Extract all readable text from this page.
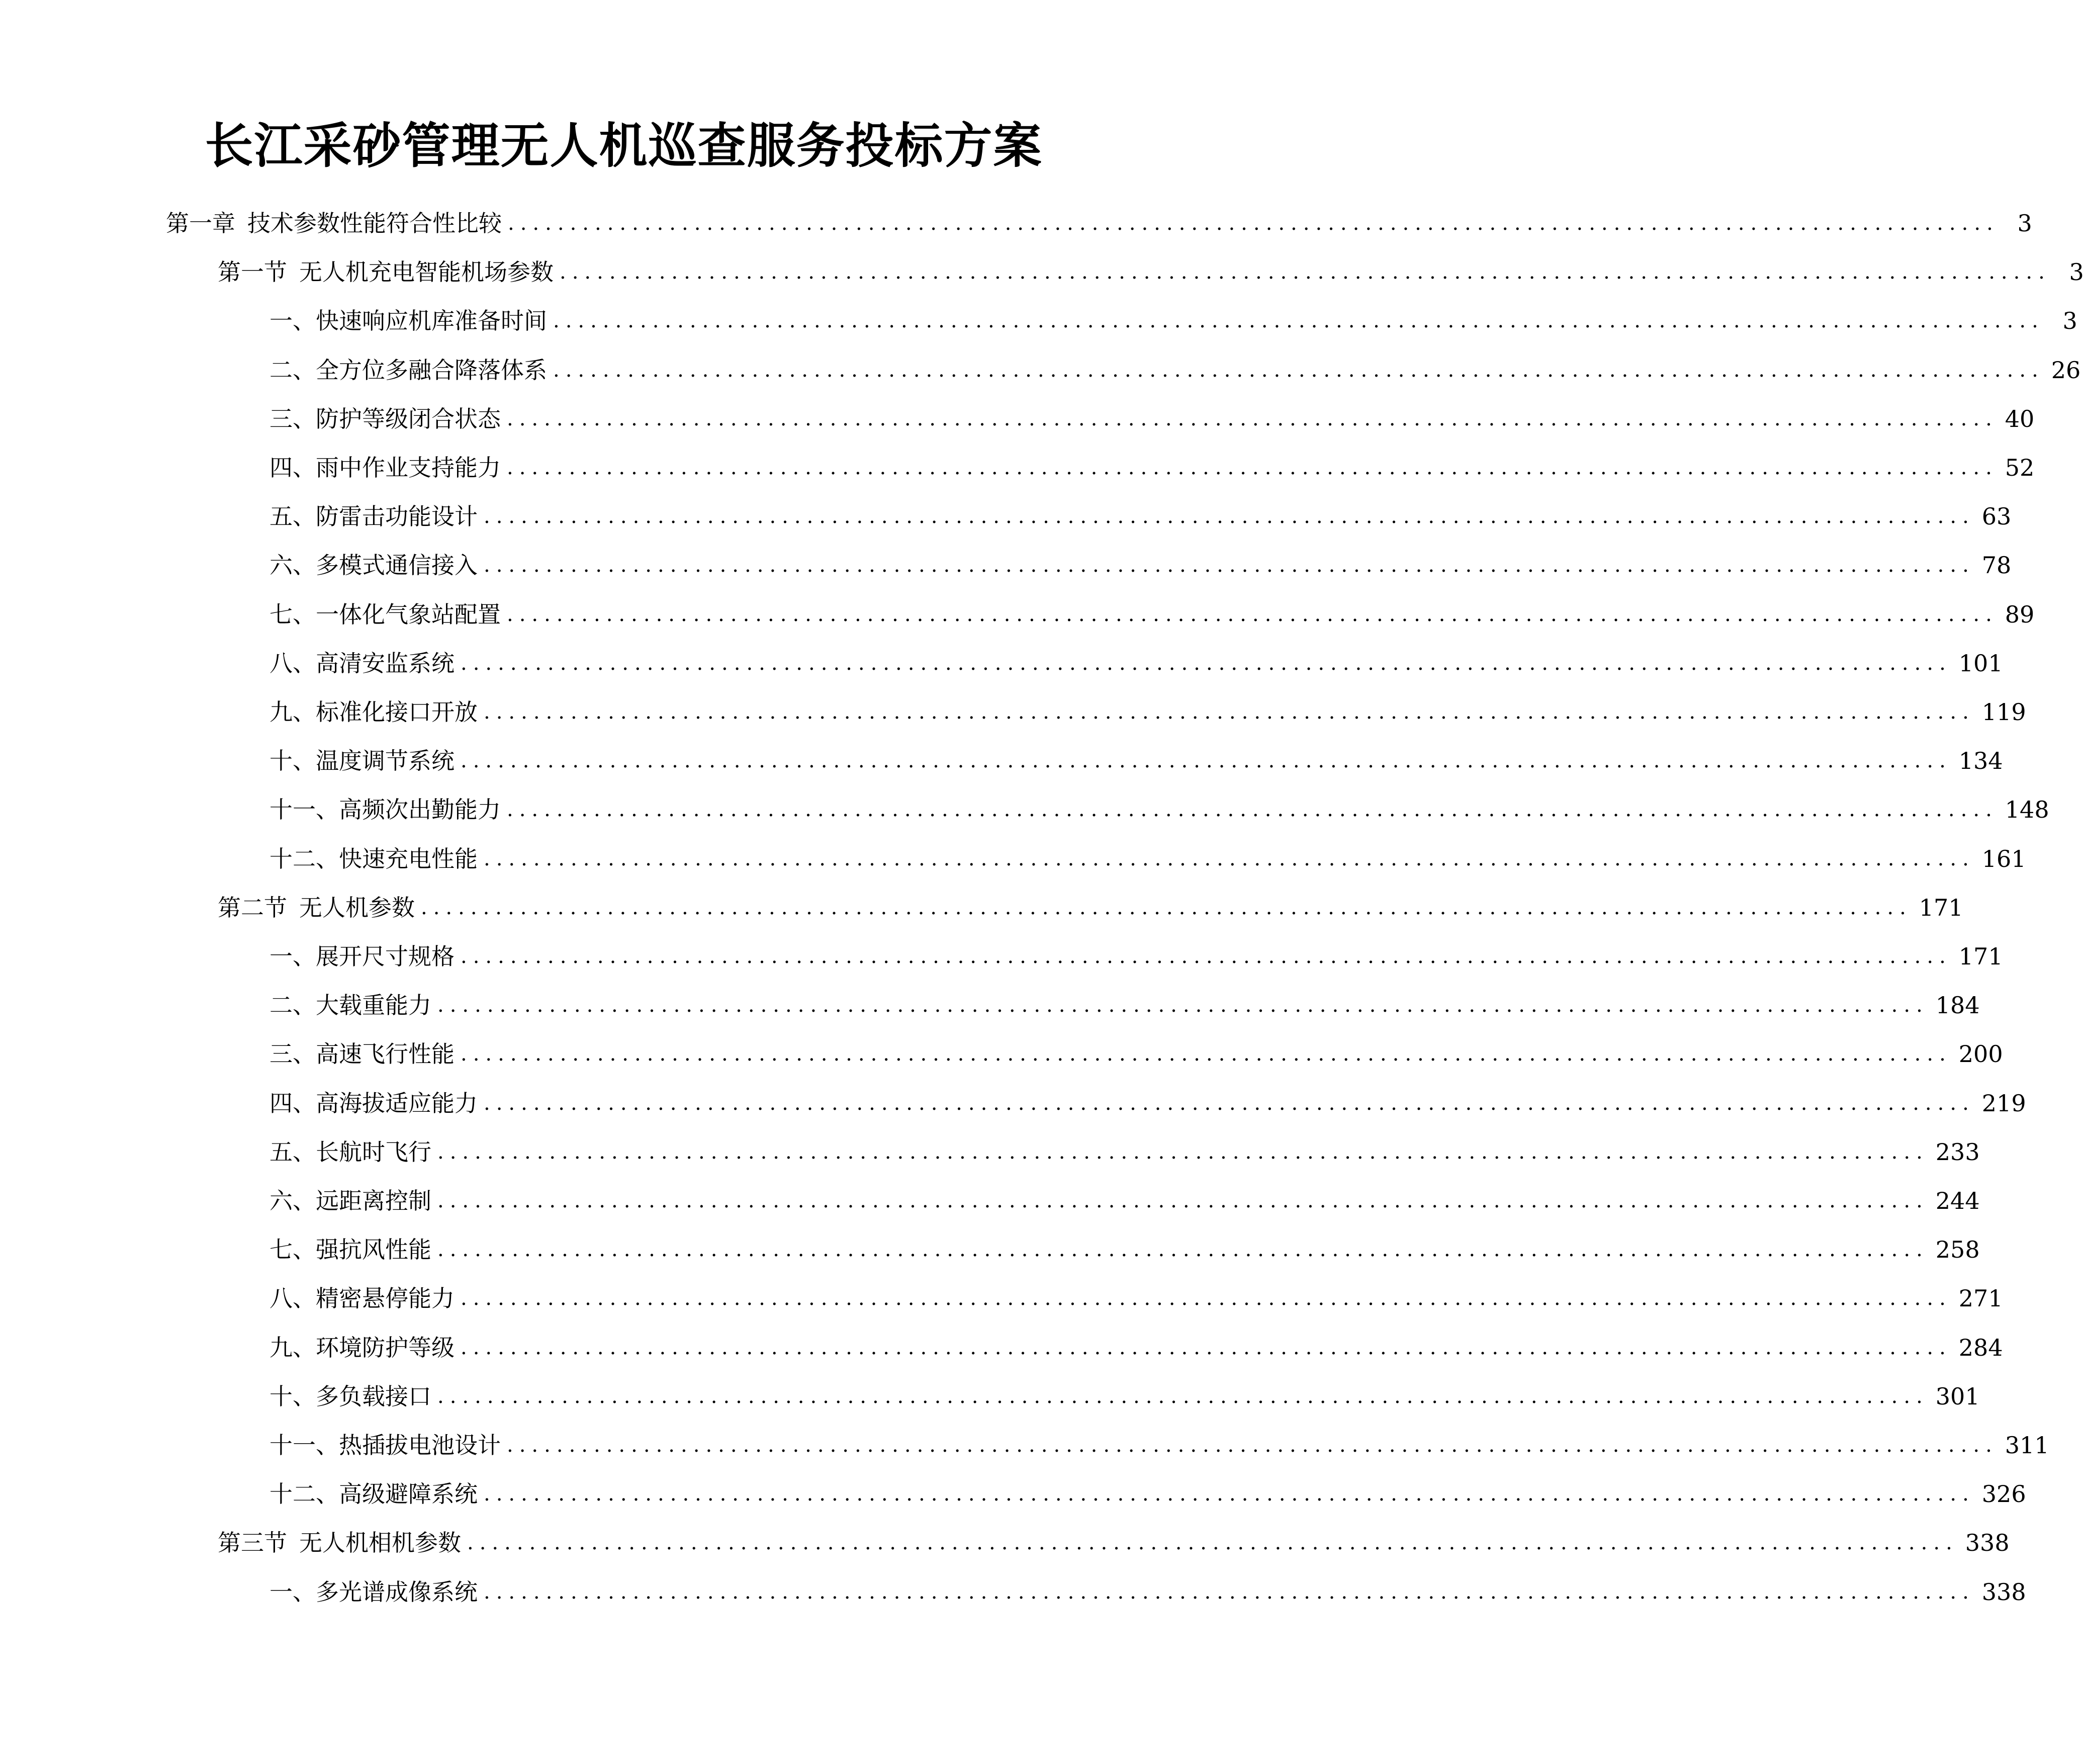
长江采砂管理无人机巡查服务投标方案
第一章 技术参数性能符合性比较 ........................................................................................................................ 3
第一节 无人机充电智能机场参数 ........................................................................................................................ 3
一、 快速响应机库准备时间 ........................................................................................................................ 3
二、 全方位多融合降落体系 ........................................................................................................................ 26
三、 防护等级闭合状态 ........................................................................................................................ 40
四、 雨中作业支持能力 ........................................................................................................................ 52
五、 防雷击功能设计 ........................................................................................................................ 63
六、 多模式通信接入 ........................................................................................................................ 78
七、 一体化气象站配置 ........................................................................................................................ 89
八、 高清安监系统 ........................................................................................................................ 101
九、 标准化接口开放 ........................................................................................................................ 119
十、 温度调节系统 ........................................................................................................................ 134
十一、 高频次出勤能力 ........................................................................................................................ 148
十二、 快速充电性能 ........................................................................................................................ 161
第二节 无人机参数 ........................................................................................................................ 171
一、 展开尺寸规格 ........................................................................................................................ 171
二、 大载重能力 ........................................................................................................................ 184
三、 高速飞行性能 ........................................................................................................................ 200
四、 高海拔适应能力 ........................................................................................................................ 219
五、 长航时飞行 ........................................................................................................................ 233
六、 远距离控制 ........................................................................................................................ 244
七、 强抗风性能 ........................................................................................................................ 258
八、 精密悬停能力 ........................................................................................................................ 271
九、 环境防护等级 ........................................................................................................................ 284
十、 多负载接口 ........................................................................................................................ 301
十一、 热插拔电池设计 ........................................................................................................................ 311
十二、 高级避障系统 ........................................................................................................................ 326
第三节 无人机相机参数 ........................................................................................................................ 338
一、 多光谱成像系统 ........................................................................................................................ 338
